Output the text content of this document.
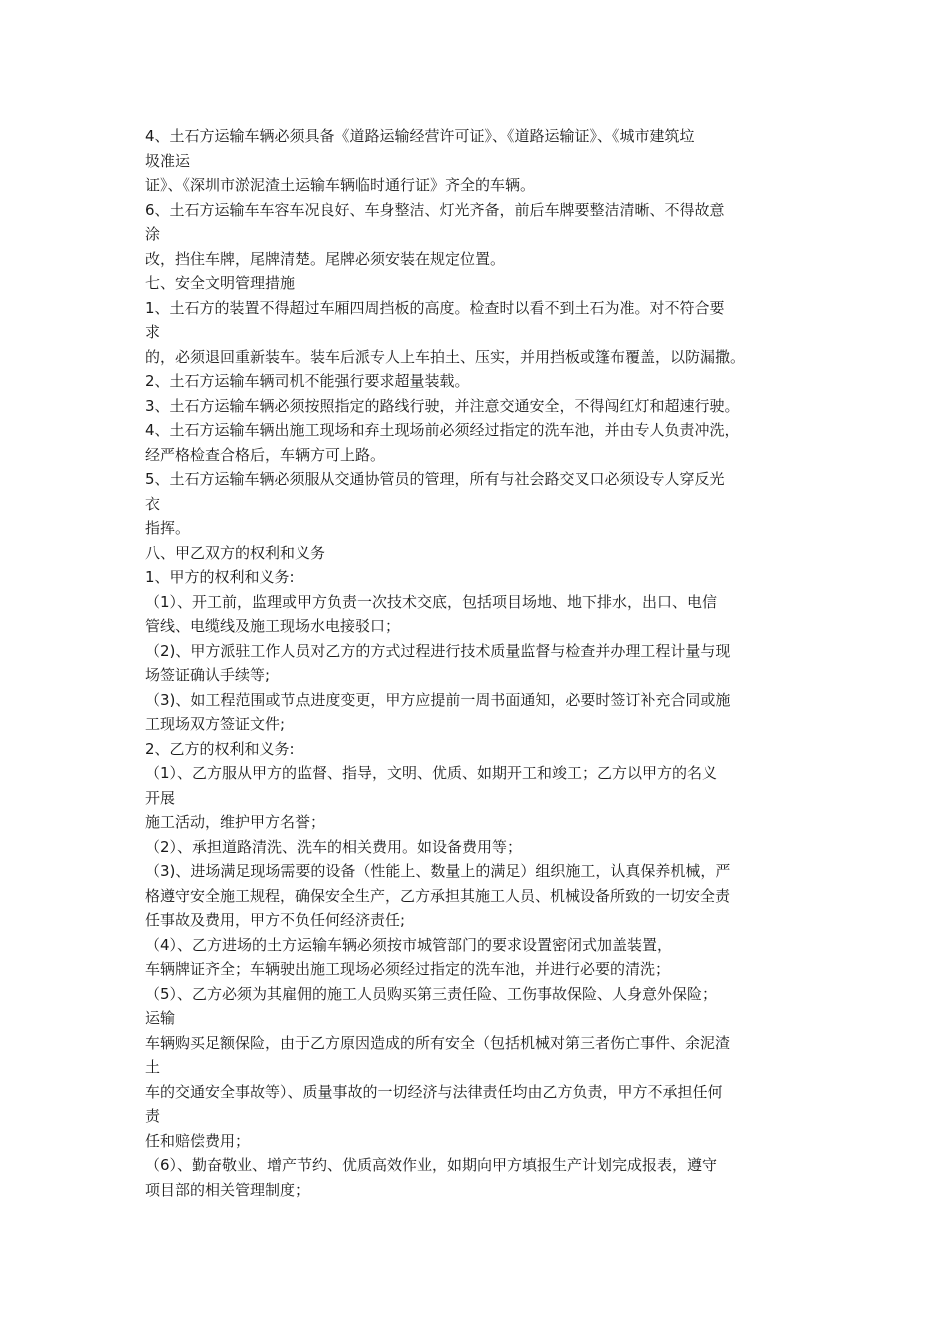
4、土石方运输车辆必须具备《道路运输经营许可证》、《道路运输证》、《城市建筑垃
圾准运
证》、《深圳市淤泥渣土运输车辆临时通行证》齐全的车辆。
6、土石方运输车车容车况良好、车身整洁、灯光齐备，前后车牌要整洁清晰、不得故意
涂
改，挡住车牌，尾牌清楚。尾牌必须安装在规定位置。
七、安全文明管理措施
1、土石方的装置不得超过车厢四周挡板的高度。检查时以看不到土石为准。对不符合要
求
的，必须退回重新装车。装车后派专人上车拍土、压实，并用挡板或篷布覆盖，以防漏撒。
2、土石方运输车辆司机不能强行要求超量装载。
3、土石方运输车辆必须按照指定的路线行驶，并注意交通安全，不得闯红灯和超速行驶。
4、土石方运输车辆出施工现场和弃土现场前必须经过指定的洗车池，并由专人负责冲洗，
经严格检查合格后，车辆方可上路。
5、土石方运输车辆必须服从交通协管员的管理，所有与社会路交叉口必须设专人穿反光
衣
指挥。
八、甲乙双方的权利和义务
1、甲方的权利和义务:
（1）、开工前，监理或甲方负责一次技术交底，包括项目场地、地下排水，出口、电信
管线、电缆线及施工现场水电接驳口；
（2)、甲方派驻工作人员对乙方的方式过程进行技术质量监督与检查并办理工程计量与现
场签证确认手续等;
（3)、如工程范围或节点进度变更，甲方应提前一周书面通知，必要时签订补充合同或施
工现场双方签证文件;
2、乙方的权利和义务:
（1）、乙方服从甲方的监督、指导，文明、优质、如期开工和竣工；乙方以甲方的名义
开展
施工活动，维护甲方名誉；
（2）、承担道路清洗、洗车的相关费用。如设备费用等；
（3)、进场满足现场需要的设备（性能上、数量上的满足）组织施工，认真保养机械，严
格遵守安全施工规程，确保安全生产，乙方承担其施工人员、机械设备所致的一切安全责
任事故及费用，甲方不负任何经济责任;
（4）、乙方进场的土方运输车辆必须按市城管部门的要求设置密闭式加盖装置，
车辆牌证齐全；车辆驶出施工现场必须经过指定的洗车池，并进行必要的清洗；
（5）、乙方必须为其雇佣的施工人员购买第三责任险、工伤事故保险、人身意外保险；
运输
车辆购买足额保险，由于乙方原因造成的所有安全（包括机械对第三者伤亡事件、余泥渣
土
车的交通安全事故等）、质量事故的一切经济与法律责任均由乙方负责，甲方不承担任何
责
任和赔偿费用；
（6）、勤奋敬业、增产节约、优质高效作业，如期向甲方填报生产计划完成报表，遵守
项目部的相关管理制度；
